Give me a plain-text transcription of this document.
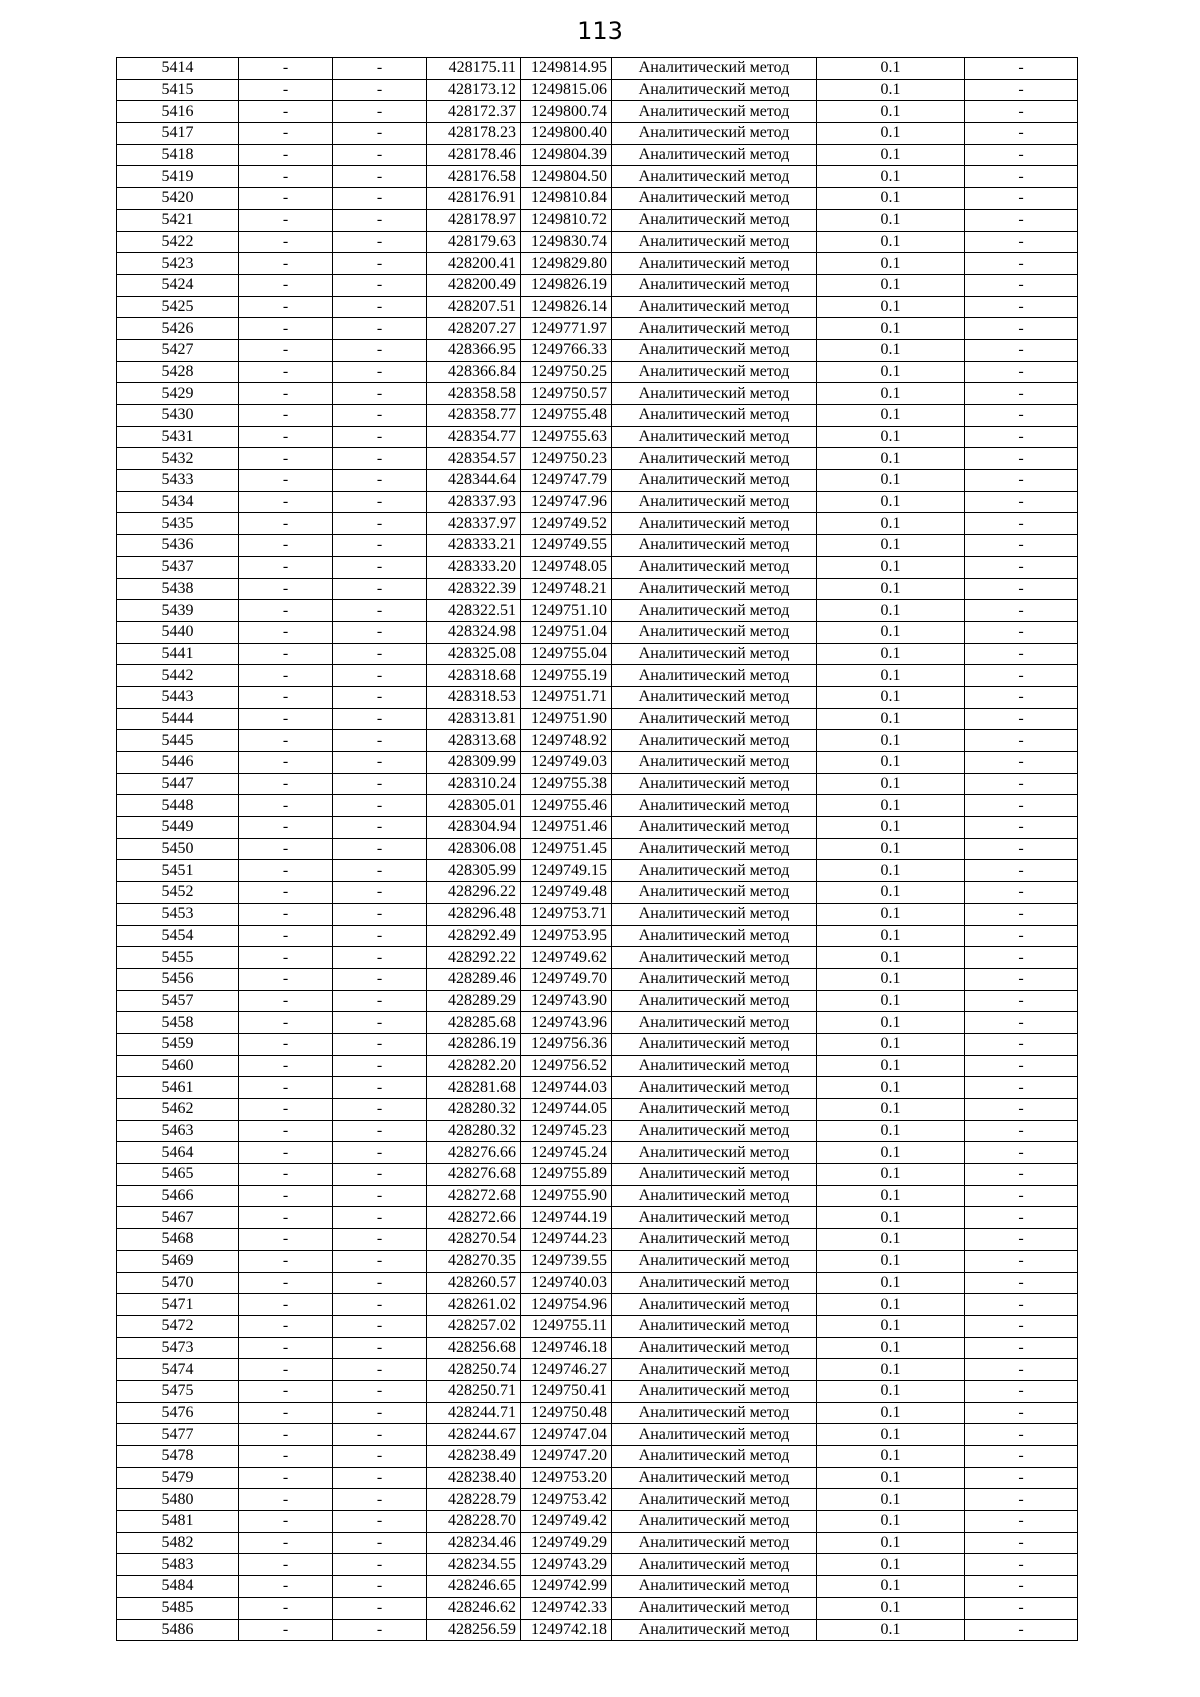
113
5414	-	-	428175.11	1249814.95	Аналитический метод	0.1	-
5415	-	-	428173.12	1249815.06	Аналитический метод	0.1	-
5416	-	-	428172.37	1249800.74	Аналитический метод	0.1	-
5417	-	-	428178.23	1249800.40	Аналитический метод	0.1	-
5418	-	-	428178.46	1249804.39	Аналитический метод	0.1	-
5419	-	-	428176.58	1249804.50	Аналитический метод	0.1	-
5420	-	-	428176.91	1249810.84	Аналитический метод	0.1	-
5421	-	-	428178.97	1249810.72	Аналитический метод	0.1	-
5422	-	-	428179.63	1249830.74	Аналитический метод	0.1	-
5423	-	-	428200.41	1249829.80	Аналитический метод	0.1	-
5424	-	-	428200.49	1249826.19	Аналитический метод	0.1	-
5425	-	-	428207.51	1249826.14	Аналитический метод	0.1	-
5426	-	-	428207.27	1249771.97	Аналитический метод	0.1	-
5427	-	-	428366.95	1249766.33	Аналитический метод	0.1	-
5428	-	-	428366.84	1249750.25	Аналитический метод	0.1	-
5429	-	-	428358.58	1249750.57	Аналитический метод	0.1	-
5430	-	-	428358.77	1249755.48	Аналитический метод	0.1	-
5431	-	-	428354.77	1249755.63	Аналитический метод	0.1	-
5432	-	-	428354.57	1249750.23	Аналитический метод	0.1	-
5433	-	-	428344.64	1249747.79	Аналитический метод	0.1	-
5434	-	-	428337.93	1249747.96	Аналитический метод	0.1	-
5435	-	-	428337.97	1249749.52	Аналитический метод	0.1	-
5436	-	-	428333.21	1249749.55	Аналитический метод	0.1	-
5437	-	-	428333.20	1249748.05	Аналитический метод	0.1	-
5438	-	-	428322.39	1249748.21	Аналитический метод	0.1	-
5439	-	-	428322.51	1249751.10	Аналитический метод	0.1	-
5440	-	-	428324.98	1249751.04	Аналитический метод	0.1	-
5441	-	-	428325.08	1249755.04	Аналитический метод	0.1	-
5442	-	-	428318.68	1249755.19	Аналитический метод	0.1	-
5443	-	-	428318.53	1249751.71	Аналитический метод	0.1	-
5444	-	-	428313.81	1249751.90	Аналитический метод	0.1	-
5445	-	-	428313.68	1249748.92	Аналитический метод	0.1	-
5446	-	-	428309.99	1249749.03	Аналитический метод	0.1	-
5447	-	-	428310.24	1249755.38	Аналитический метод	0.1	-
5448	-	-	428305.01	1249755.46	Аналитический метод	0.1	-
5449	-	-	428304.94	1249751.46	Аналитический метод	0.1	-
5450	-	-	428306.08	1249751.45	Аналитический метод	0.1	-
5451	-	-	428305.99	1249749.15	Аналитический метод	0.1	-
5452	-	-	428296.22	1249749.48	Аналитический метод	0.1	-
5453	-	-	428296.48	1249753.71	Аналитический метод	0.1	-
5454	-	-	428292.49	1249753.95	Аналитический метод	0.1	-
5455	-	-	428292.22	1249749.62	Аналитический метод	0.1	-
5456	-	-	428289.46	1249749.70	Аналитический метод	0.1	-
5457	-	-	428289.29	1249743.90	Аналитический метод	0.1	-
5458	-	-	428285.68	1249743.96	Аналитический метод	0.1	-
5459	-	-	428286.19	1249756.36	Аналитический метод	0.1	-
5460	-	-	428282.20	1249756.52	Аналитический метод	0.1	-
5461	-	-	428281.68	1249744.03	Аналитический метод	0.1	-
5462	-	-	428280.32	1249744.05	Аналитический метод	0.1	-
5463	-	-	428280.32	1249745.23	Аналитический метод	0.1	-
5464	-	-	428276.66	1249745.24	Аналитический метод	0.1	-
5465	-	-	428276.68	1249755.89	Аналитический метод	0.1	-
5466	-	-	428272.68	1249755.90	Аналитический метод	0.1	-
5467	-	-	428272.66	1249744.19	Аналитический метод	0.1	-
5468	-	-	428270.54	1249744.23	Аналитический метод	0.1	-
5469	-	-	428270.35	1249739.55	Аналитический метод	0.1	-
5470	-	-	428260.57	1249740.03	Аналитический метод	0.1	-
5471	-	-	428261.02	1249754.96	Аналитический метод	0.1	-
5472	-	-	428257.02	1249755.11	Аналитический метод	0.1	-
5473	-	-	428256.68	1249746.18	Аналитический метод	0.1	-
5474	-	-	428250.74	1249746.27	Аналитический метод	0.1	-
5475	-	-	428250.71	1249750.41	Аналитический метод	0.1	-
5476	-	-	428244.71	1249750.48	Аналитический метод	0.1	-
5477	-	-	428244.67	1249747.04	Аналитический метод	0.1	-
5478	-	-	428238.49	1249747.20	Аналитический метод	0.1	-
5479	-	-	428238.40	1249753.20	Аналитический метод	0.1	-
5480	-	-	428228.79	1249753.42	Аналитический метод	0.1	-
5481	-	-	428228.70	1249749.42	Аналитический метод	0.1	-
5482	-	-	428234.46	1249749.29	Аналитический метод	0.1	-
5483	-	-	428234.55	1249743.29	Аналитический метод	0.1	-
5484	-	-	428246.65	1249742.99	Аналитический метод	0.1	-
5485	-	-	428246.62	1249742.33	Аналитический метод	0.1	-
5486	-	-	428256.59	1249742.18	Аналитический метод	0.1	-
